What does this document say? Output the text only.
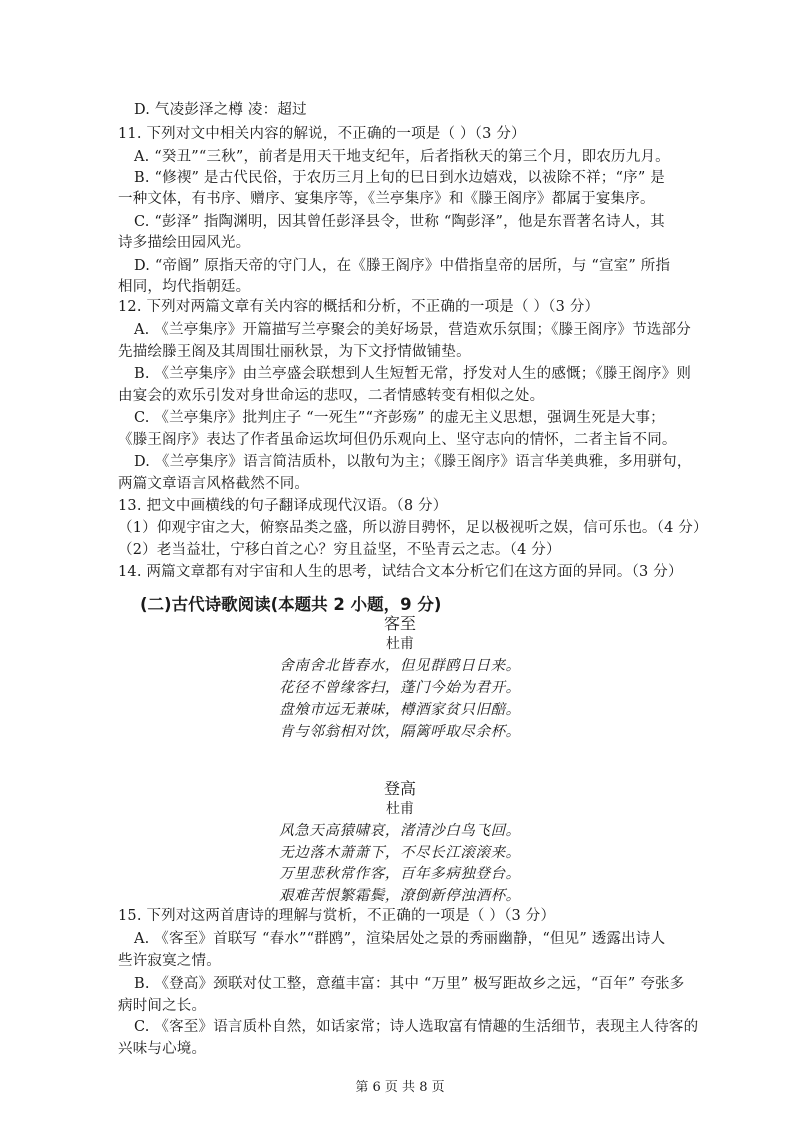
D. 气凌彭泽之樽 凌：超过
11. 下列对文中相关内容的解说，不正确的一项是（ ）（3 分）
A. “癸丑”“三秋”，前者是用天干地支纪年，后者指秋天的第三个月，即农历九月。
B. “修禊” 是古代民俗，于农历三月上旬的巳日到水边嬉戏，以祓除不祥；“序” 是
一种文体，有书序、赠序、宴集序等，《兰亭集序》和《滕王阁序》都属于宴集序。
C. “彭泽” 指陶渊明，因其曾任彭泽县令，世称 “陶彭泽”，他是东晋著名诗人，其
诗多描绘田园风光。
D. “帝阍” 原指天帝的守门人，在《滕王阁序》中借指皇帝的居所，与 “宣室” 所指
相同，均代指朝廷。
12. 下列对两篇文章有关内容的概括和分析，不正确的一项是（ ）（3 分）
A. 《兰亭集序》开篇描写兰亭聚会的美好场景，营造欢乐氛围；《滕王阁序》节选部分
先描绘滕王阁及其周围壮丽秋景，为下文抒情做铺垫。
B. 《兰亭集序》由兰亭盛会联想到人生短暂无常，抒发对人生的感慨；《滕王阁序》则
由宴会的欢乐引发对身世命运的悲叹，二者情感转变有相似之处。
C. 《兰亭集序》批判庄子 “一死生”“齐彭殇” 的虚无主义思想，强调生死是大事；
《滕王阁序》表达了作者虽命运坎坷但仍乐观向上、坚守志向的情怀，二者主旨不同。
D. 《兰亭集序》语言简洁质朴，以散句为主；《滕王阁序》语言华美典雅，多用骈句，
两篇文章语言风格截然不同。
13. 把文中画横线的句子翻译成现代汉语。（8 分）
（1）仰观宇宙之大，俯察品类之盛，所以游目骋怀，足以极视听之娱，信可乐也。（4 分）
（2）老当益壮，宁移白首之心？穷且益坚，不坠青云之志。（4 分）
14. 两篇文章都有对宇宙和人生的思考，试结合文本分析它们在这方面的异同。（3 分）
(二)古代诗歌阅读(本题共 2 小题，9 分)
客至
杜甫
舍南舍北皆春水，但见群鸥日日来。
花径不曾缘客扫，蓬门今始为君开。
盘飧市远无兼味，樽酒家贫只旧醅。
肯与邻翁相对饮，隔篱呼取尽余杯。
登高
杜甫
风急天高猿啸哀，渚清沙白鸟飞回。
无边落木萧萧下，不尽长江滚滚来。
万里悲秋常作客，百年多病独登台。
艰难苦恨繁霜鬓，潦倒新停浊酒杯。
15. 下列对这两首唐诗的理解与赏析，不正确的一项是（ ）（3 分）
A. 《客至》首联写 “春水”“群鸥”，渲染居处之景的秀丽幽静，“但见” 透露出诗人
些许寂寞之情。
B. 《登高》颈联对仗工整，意蕴丰富：其中 “万里” 极写距故乡之远，“百年” 夸张多
病时间之长。
C. 《客至》语言质朴自然，如话家常；诗人选取富有情趣的生活细节，表现主人待客的
兴味与心境。
第 6 页 共 8 页
